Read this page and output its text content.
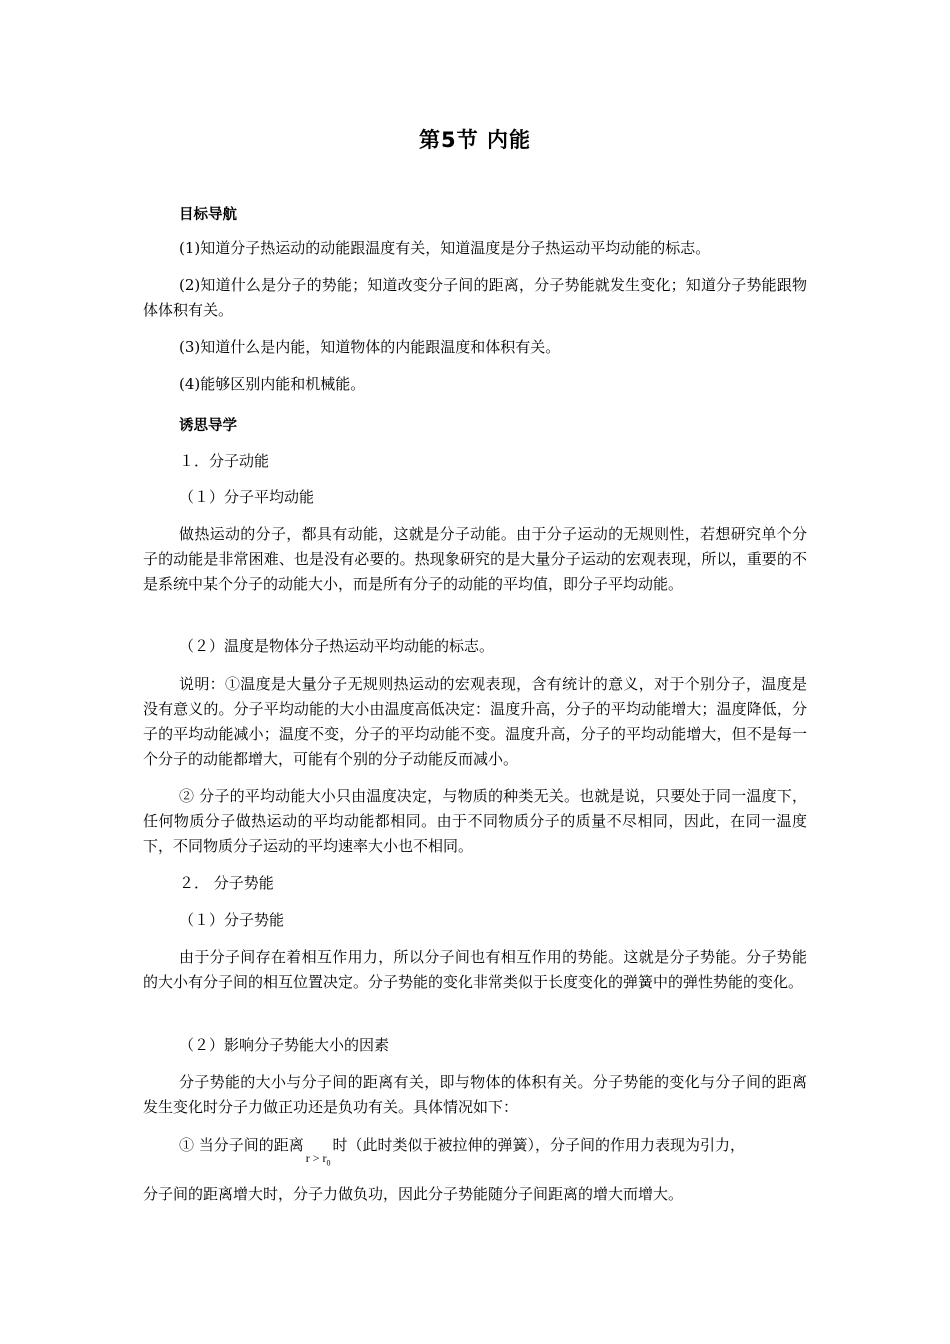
第5节 内能
目标导航
(1)知道分子热运动的动能跟温度有关，知道温度是分子热运动平均动能的标志。
(2)知道什么是分子的势能；知道改变分子间的距离，分子势能就发生变化；知道分子势能跟物体体积有关。
(3)知道什么是内能，知道物体的内能跟温度和体积有关。
(4)能够区别内能和机械能。
诱思导学
１．分子动能
（１）分子平均动能
做热运动的分子，都具有动能，这就是分子动能。由于分子运动的无规则性，若想研究单个分子的动能是非常困难、也是没有必要的。热现象研究的是大量分子运动的宏观表现，所以，重要的不是系统中某个分子的动能大小，而是所有分子的动能的平均值，即分子平均动能。
（２）温度是物体分子热运动平均动能的标志。
说明：①温度是大量分子无规则热运动的宏观表现，含有统计的意义，对于个别分子，温度是没有意义的。分子平均动能的大小由温度高低决定：温度升高，分子的平均动能增大；温度降低，分子的平均动能减小；温度不变，分子的平均动能不变。温度升高，分子的平均动能增大，但不是每一个分子的动能都增大，可能有个别的分子动能反而减小。
② 分子的平均动能大小只由温度决定，与物质的种类无关。也就是说，只要处于同一温度下，任何物质分子做热运动的平均动能都相同。由于不同物质分子的质量不尽相同，因此，在同一温度下，不同物质分子运动的平均速率大小也不相同。
２． 分子势能
（１）分子势能
由于分子间存在着相互作用力，所以分子间也有相互作用的势能。这就是分子势能。分子势能的大小有分子间的相互位置决定。分子势能的变化非常类似于长度变化的弹簧中的弹性势能的变化。
（２）影响分子势能大小的因素
分子势能的大小与分子间的距离有关，即与物体的体积有关。分子势能的变化与分子间的距离发生变化时分子力做正功还是负功有关。具体情况如下：
① 当分子间的距离$_{r > r_0}$时（此时类似于被拉伸的弹簧），分子间的作用力表现为引力，
分子间的距离增大时，分子力做负功，因此分子势能随分子间距离的增大而增大。
